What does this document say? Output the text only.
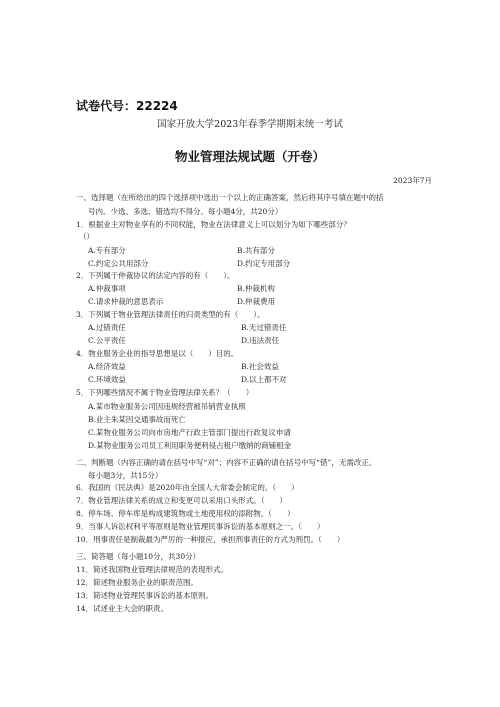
试卷代号：22224
国家开放大学2023年春季学期期末统一考试
物业管理法规试题（开卷）
2023年7月
一、选择题（在所给出的四个选择项中选出一个以上的正确答案，然后将其序号填在题中的括
号内。少选、多选、错选均不得分。每小题4分，共20分）
1．根据业主对物业享有的不同权能，物业在法律意义上可以划分为如下哪些部分？
（）
A.专有部分	B.共有部分
C.约定公共用部分	D.约定专用部分
2．下列属于仲裁协议的法定内容的有（　　）。
A.仲裁事项	B.仲裁机构
C.请求仲裁的意思表示	D.仲裁费用
3．下列属于物业管理法律责任的归责类型的有（　　）。
A.过错责任	B.无过错责任
C.公平责任	D.违法责任
4．物业服务企业的指导思想是以（　　）目的。
A.经济效益	B.社会效益
C.环境效益	D.以上都不对
5．下列哪些情况不属于物业管理法律关系？（　　）
A.某市物业服务公司因违规经营被吊销营业执照
B.业主朱某因交通事故而死亡
C.某物业服务公司向市房地产行政主管部门提出行政复议申请
D.某物业服务公司员工利用职务便利侵占租户缴纳的商铺租金
二、判断题（内容正确的请在括号中写“对”；内容不正确的请在括号中写“错”，无需改正。
每小题3分，共15分）
6．我国的《民法典》是2020年由全国人大常委会制定的。（　　）
7．物业管理法律关系的成立和变更可以采用口头形式。（　　）
8．停车场、停车库是构成建筑物或土地使用权的添附物。（　　）
9．当事人诉讼权利平等原则是物业管理民事诉讼的基本原则之一。（　　）
10．刑事责任是制裁最为严厉的一种报应，承担刑事责任的方式为刑罚。（　　）
三、简答题（每小题10分，共30分）
11．简述我国物业管理法律规范的表现形式。
12．简述物业服务企业的职责范围。
13．简述物业管理民事诉讼的基本原则。
14．试述业主大会的职责。
